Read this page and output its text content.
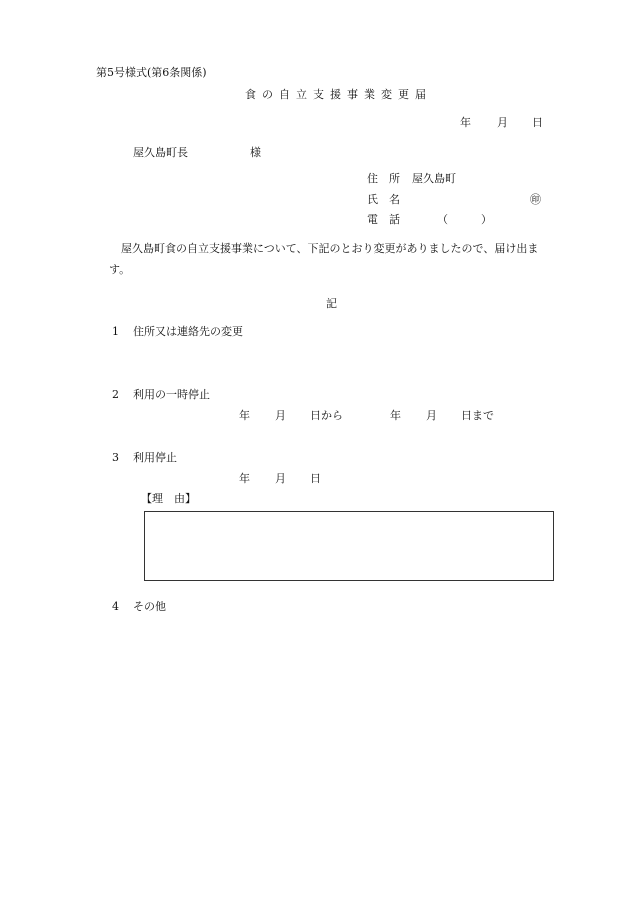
第5号様式(第6条関係)
食の自立支援事業変更届
年 月 日
屋久島町長	様
住　所 屋久島町
氏　名	㊞
電　話	（　　　）
屋久島町食の自立支援事業について、下記のとおり変更がありましたので、届け出ま
す。
記
1 住所又は連絡先の変更
2 利用の一時停止
年 月 日から	年 月 日まで
3 利用停止
年 月 日
【理　由】
4 その他
